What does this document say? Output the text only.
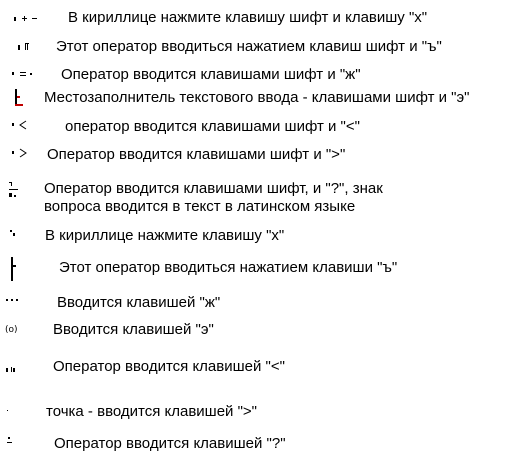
В кириллице нажмите клавишу шифт и клавишу "х"
Этот оператор вводиться нажатием клавиш шифт и "ъ"
Оператор вводится клавишами шифт и "ж"
Местозаполнитель текстового ввода - клавишами шифт и "э"
оператор вводится клавишами шифт и "<"
Оператор вводится клавишами шифт и ">"
Оператор вводится клавишами шифт, и "?", знак вопроса вводится в текст в латинском языке
В кириллице нажмите клавишу "х"
Этот оператор вводиться нажатием клавиши "ъ"
Вводится клавишей "ж"
(o) Вводится клавишей "э"
Оператор вводится клавишей "<"
точка - вводится клавишей ">"
Оператор вводится клавишей "?"
